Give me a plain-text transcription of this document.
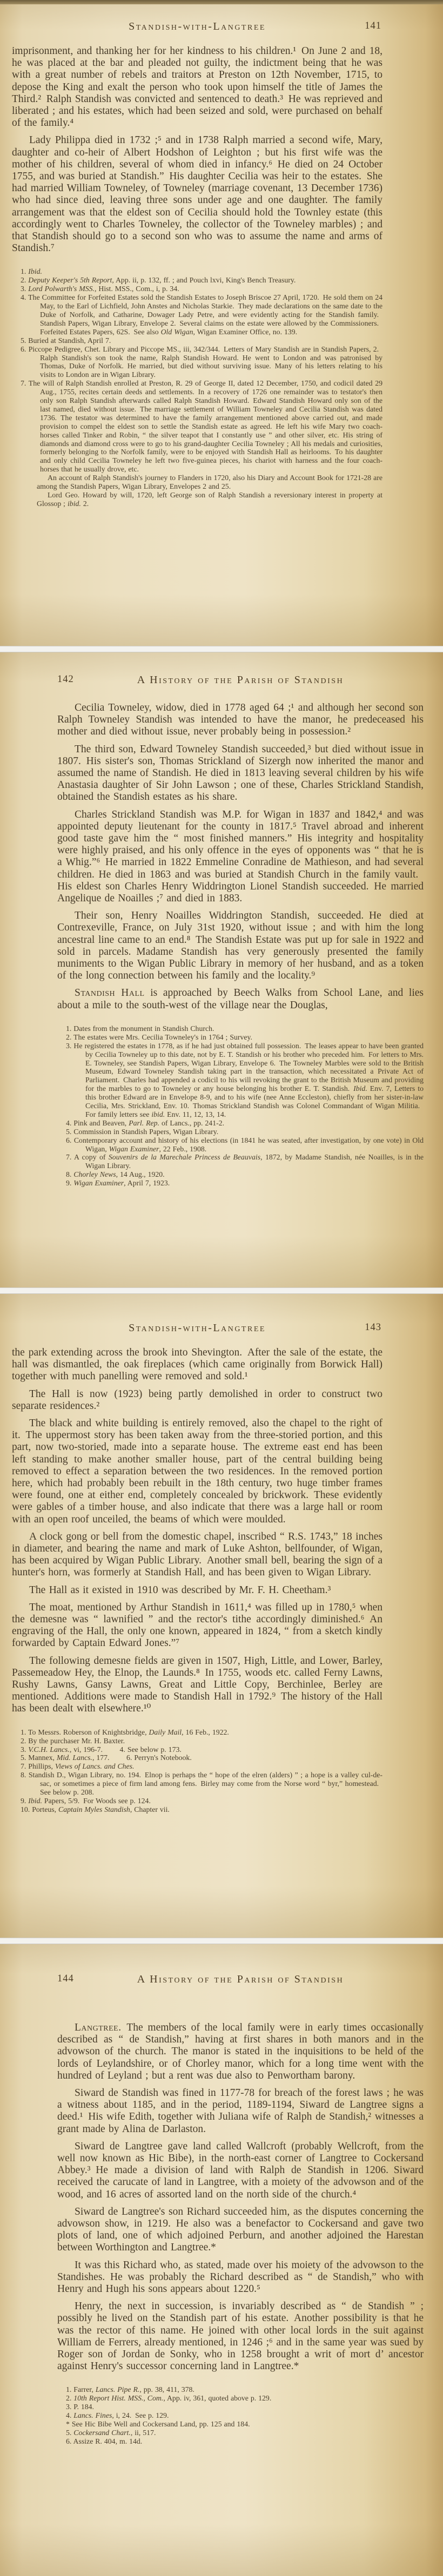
Standish-with-Langtree	141

imprisonment, and thanking her for her kindness to his children.¹ On June 2 and 18, he was placed at the bar and pleaded not guilty, the indictment being that he was with a great number of rebels and traitors at Preston on 12th November, 1715, to depose the King and exalt the person who took upon himself the title of James the Third.² Ralph Standish was convicted and sentenced to death.³ He was reprieved and liberated ; and his estates, which had been seized and sold, were purchased on behalf of the family.⁴

Lady Philippa died in 1732 ;⁵ and in 1738 Ralph married a second wife, Mary, daughter and co-heir of Albert Hodshon of Leighton ; but his first wife was the mother of his children, several of whom died in infancy.⁶ He died on 24 October 1755, and was buried at Standish.” His daughter Cecilia was heir to the estates. She had married William Towneley, of Towneley (marriage covenant, 13 December 1736) who had since died, leaving three sons under age and one daughter. The family arrangement was that the eldest son of Cecilia should hold the Townley estate (this accordingly went to Charles Towneley, the collector of the Towneley marbles) ; and that Standish should go to a second son who was to assume the name and arms of Standish.⁷

1. Ibid.
2. Deputy Keeper's 5th Report, App. ii, p. 132, ff. ; and Pouch lxvi, King's Bench Treasury.
3. Lord Polwarth's MSS., Hist. MSS., Com., i, p. 34.
4. The Committee for Forfeited Estates sold the Standish Estates to Joseph Briscoe 27 April, 1720. He sold them on 24 May, to the Earl of Lichfield, John Anstes and Nicholas Starkie. They made declarations on the same date to the Duke of Norfolk, and Catharine, Dowager Lady Petre, and were evidently acting for the Standish family. Standish Papers, Wigan Library, Envelope 2. Several claims on the estate were allowed by the Commissioners. Forfeited Estates Papers, 62S. See also Old Wigan, Wigan Examiner Office, no. 139.
5. Buried at Standish, April 7.
6. Piccope Pedigree, Chet. Library and Piccope MS., iii, 342/344. Letters of Mary Standish are in Standish Papers, 2. Ralph Standish's son took the name, Ralph Standish Howard. He went to London and was patronised by Thomas, Duke of Norfolk. He married, but died without surviving issue. Many of his letters relating to his visits to London are in Wigan Library.
7. The will of Ralph Standish enrolled at Preston, R. 29 of George II, dated 12 December, 1750, and codicil dated 29 Aug., 1755, recites certain deeds and settlements. In a recovery of 1726 one remainder was to testator's then only son Ralph Standish afterwards called Ralph Standish Howard. Edward Standish Howard only son of the last named, died without issue. The marriage settlement of William Towneley and Cecilia Standish was dated 1736. The testator was determined to have the family arrangement mentioned above carried out, and made provision to compel the eldest son to settle the Standish estate as agreed. He left his wife Mary two coach-horses called Tinker and Robin, “ the silver teapot that I constantly use ” and other silver, etc. His string of diamonds and diamond cross were to go to his grand-daughter Cecilia Towneley ; All his medals and curiosities, formerly belonging to the Norfolk family, were to be enjoyed with Standish Hall as heirlooms. To his daughter and only child Cecilia Towneley he left two five-guinea pieces, his chariot with harness and the four coach-horses that he usually drove, etc.
An account of Ralph Standish's journey to Flanders in 1720, also his Diary and Account Book for 1721-28 are among the Standish Papers, Wigan Library, Envelopes 2 and 25.
Lord Geo. Howard by will, 1720, left George son of Ralph Standish a reversionary interest in property at Glossop ; ibid. 2.
A History of the Parish of Standish
142

Cecilia Towneley, widow, died in 1778 aged 64 ;¹ and although her second son Ralph Towneley Standish was intended to have the manor, he predeceased his mother and died without issue, never probably being in possession.²

The third son, Edward Towneley Standish succeeded,³ but died without issue in 1807. His sister's son, Thomas Strickland of Sizergh now inherited the manor and assumed the name of Standish. He died in 1813 leaving several children by his wife Anastasia daughter of Sir John Lawson ; one of these, Charles Strickland Standish, obtained the Standish estates as his share.

Charles Strickland Standish was M.P. for Wigan in 1837 and 1842,⁴ and was appointed deputy lieutenant for the county in 1817.⁵ Travel abroad and inherent good taste gave him the “ most finished manners.” His integrity and hospitality were highly praised, and his only offence in the eyes of opponents was “ that he is a Whig.”⁶ He married in 1822 Emmeline Conradine de Mathieson, and had several children. He died in 1863 and was buried at Standish Church in the family vault. His eldest son Charles Henry Widdrington Lionel Standish succeeded. He married Angelique de Noailles ;⁷ and died in 1883.

Their son, Henry Noailles Widdrington Standish, succeeded. He died at Contrexeville, France, on July 31st 1920, without issue ; and with him the long ancestral line came to an end.⁸ The Standish Estate was put up for sale in 1922 and sold in parcels. Madame Standish has very generously presented the family muniments to the Wigan Public Library in memory of her husband, and as a token of the long connection between his family and the locality.⁹

Standish Hall is approached by Beech Walks from School Lane, and lies about a mile to the south-west of the village near the Douglas,

1. Dates from the monument in Standish Church.
2. The estates were Mrs. Cecilia Towneley's in 1764 ; Survey.
3. He registered the estates in 1778, as if he had just obtained full possession. The leases appear to have been granted by Cecilia Towneley up to this date, not by E. T. Standish or his brother who preceded him. For letters to Mrs. E. Towneley, see Standish Papers, Wigan Library, Envelope 6. The Towneley Marbles were sold to the British Museum, Edward Towneley Standish taking part in the transaction, which necessitated a Private Act of Parliament. Charles had appended a codicil to his will revoking the grant to the British Museum and providing for the marbles to go to Towneley or any house belonging his brother E. T. Standish. Ibid. Env. 7, Letters to this brother Edward are in Envelope 8-9, and to his wife (nee Anne Eccleston), chiefly from her sister-in-law Cecilia, Mrs. Strickland, Env. 10. Thomas Strickland Standish was Colonel Commandant of Wigan Militia. For family letters see ibid. Env. 11, 12, 13, 14.
4. Pink and Beaven, Parl. Rep. of Lancs., pp. 241-2.
5. Commission in Standish Papers, Wigan Library.
6. Contemporary account and history of his elections (in 1841 he was seated, after investigation, by one vote) in Old Wigan, Wigan Examiner, 22 Feb., 1908.
7. A copy of Souvenirs de la Marechale Princess de Beauvais, 1872, by Madame Standish, née Noailles, is in the Wigan Library.
8. Chorley News, 14 Aug., 1920.
9. Wigan Examiner, April 7, 1923.
Standish-with-Langtree	143

the park extending across the brook into Shevington. After the sale of the estate, the hall was dismantled, the oak fireplaces (which came originally from Borwick Hall) together with much panelling were removed and sold.¹

The Hall is now (1923) being partly demolished in order to construct two separate residences.²

The black and white building is entirely removed, also the chapel to the right of it. The uppermost story has been taken away from the three-storied portion, and this part, now two-storied, made into a separate house. The extreme east end has been left standing to make another smaller house, part of the central building being removed to effect a separation between the two residences. In the removed portion here, which had probably been rebuilt in the 18th century, two huge timber frames were found, one at either end, completely concealed by brickwork. These evidently were gables of a timber house, and also indicate that there was a large hall or room with an open roof unceiled, the beams of which were moulded.

A clock gong or bell from the domestic chapel, inscribed “ R.S. 1743,” 18 inches in diameter, and bearing the name and mark of Luke Ashton, bellfounder, of Wigan, has been acquired by Wigan Public Library. Another small bell, bearing the sign of a hunter's horn, was formerly at Standish Hall, and has been given to Wigan Library.

The Hall as it existed in 1910 was described by Mr. F. H. Cheetham.³

The moat, mentioned by Arthur Standish in 1611,⁴ was filled up in 1780,⁵ when the demesne was “ lawnified ” and the rector's tithe accordingly diminished.⁶ An engraving of the Hall, the only one known, appeared in 1824, “ from a sketch kindly forwarded by Captain Edward Jones.”⁷

The following demesne fields are given in 1507, High, Little, and Lower, Barley, Passemeadow Hey, the Elnop, the Launds.⁸ In 1755, woods etc. called Ferny Lawns, Rushy Lawns, Gansy Lawns, Great and Little Copy, Berchinlee, Berley are mentioned. Additions were made to Standish Hall in 1792.⁹ The history of the Hall has been dealt with elsewhere.¹⁰

1. To Messrs. Roberson of Knightsbridge, Daily Mail, 16 Feb., 1922.
2. By the purchaser Mr. H. Baxter.
3. V.C.H. Lancs., vi, 196-7.   4. See below p. 173.
5. Mannex, Mid. Lancs., 177.   6. Perryn's Notebook.
7. Phillips, Views of Lancs. and Ches.
8. Standish D., Wigan Library, no. 194. Elnop is perhaps the “ hope of the elren (alders) ” ; a hope is a valley cul-de-sac, or sometimes a piece of firm land among fens. Birley may come from the Norse word “ byr,” homestead. See below p. 208.
9. Ibid. Papers, 5/9. For Woods see p. 124.
10. Porteus, Captain Myles Standish, Chapter vii.
A History of the Parish of Standish
144

Langtree. The members of the local family were in early times occasionally described as “ de Standish,” having at first shares in both manors and in the advowson of the church. The manor is stated in the inquisitions to be held of the lords of Leylandshire, or of Chorley manor, which for a long time went with the hundred of Leyland ; but a rent was due also to Penwortham barony.

Siward de Standish was fined in 1177-78 for breach of the forest laws ; he was a witness about 1185, and in the period, 1189-1194, Siward de Langtree signs a deed.¹ His wife Edith, together with Juliana wife of Ralph de Standish,² witnesses a grant made by Alina de Darlaston.

Siward de Langtree gave land called Wallcroft (probably Wellcroft, from the well now known as Hic Bibe), in the north-east corner of Langtree to Cockersand Abbey.³ He made a division of land with Ralph de Standish in 1206. Siward received the carucate of land in Langtree, with a moiety of the advowson and of the wood, and 16 acres of assorted land on the north side of the church.⁴

Siward de Langtree's son Richard succeeded him, as the disputes concerning the advowson show, in 1219. He also was a benefactor to Cockersand and gave two plots of land, one of which adjoined Perburn, and another adjoined the Harestan between Worthington and Langtree.*

It was this Richard who, as stated, made over his moiety of the advowson to the Standishes. He was probably the Richard described as “ de Standish,” who with Henry and Hugh his sons appears about 1220.⁵

Henry, the next in succession, is invariably described as “ de Standish ” ; possibly he lived on the Standish part of his estate. Another possibility is that he was the rector of this name. He joined with other local lords in the suit against William de Ferrers, already mentioned, in 1246 ;⁶ and in the same year was sued by Roger son of Jordan de Sonky, who in 1258 brought a writ of mort d’ ancestor against Henry's successor concerning land in Langtree.*

1. Farrer, Lancs. Pipe R., pp. 38, 411, 378.
2. 10th Report Hist. MSS., Com., App. iv, 361, quoted above p. 129.
3. P. 184.
4. Lancs. Fines, i, 24. See p. 129.
* See Hic Bibe Well and Cockersand Land, pp. 125 and 184.
5. Cockersand Chart., ii, 517.
6. Assize R. 404, m. 14d.
